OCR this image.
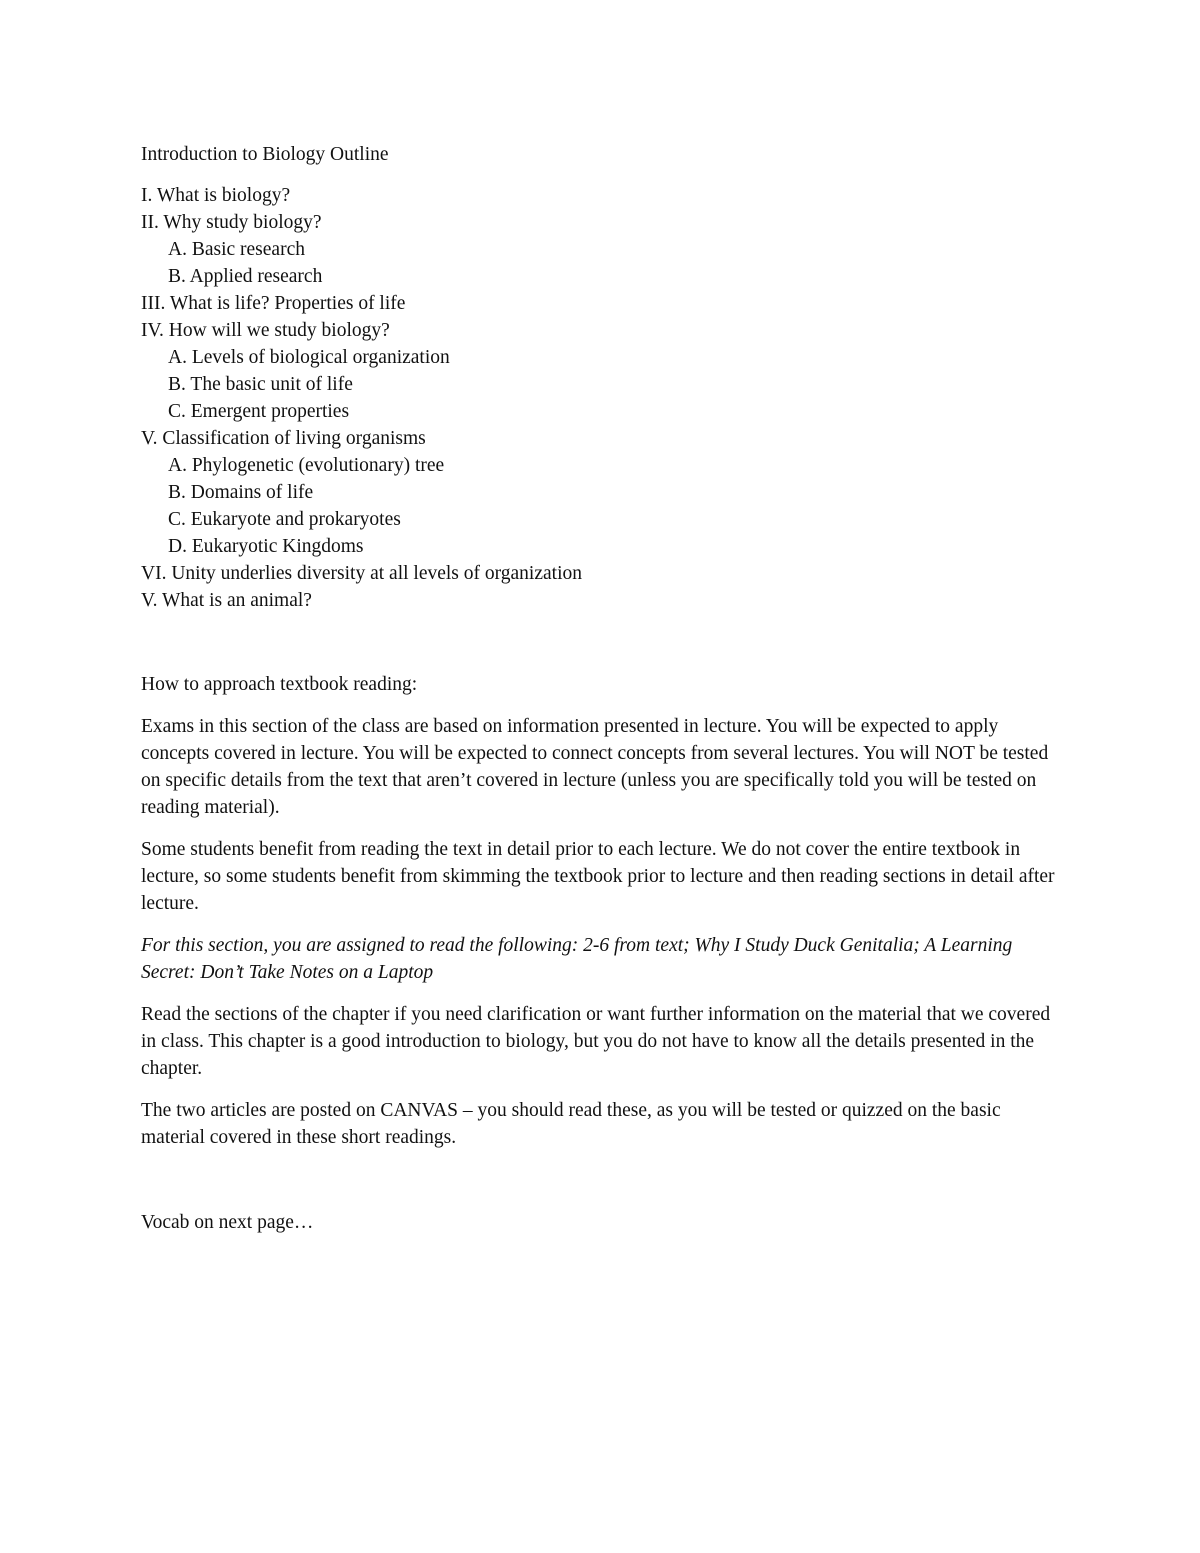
Introduction to Biology Outline
I. What is biology?
II. Why study biology?
A. Basic research
B. Applied research
III. What is life? Properties of life
IV. How will we study biology?
A. Levels of biological organization
B. The basic unit of life
C. Emergent properties
V. Classification of living organisms
A. Phylogenetic (evolutionary) tree
B. Domains of life
C. Eukaryote and prokaryotes
D. Eukaryotic Kingdoms
VI. Unity underlies diversity at all levels of organization
V. What is an animal?
How to approach textbook reading:

Exams in this section of the class are based on information presented in lecture. You will be expected to apply concepts covered in lecture. You will be expected to connect concepts from several lectures. You will NOT be tested on specific details from the text that aren’t covered in lecture (unless you are specifically told you will be tested on reading material).

Some students benefit from reading the text in detail prior to each lecture. We do not cover the entire textbook in lecture, so some students benefit from skimming the textbook prior to lecture and then reading sections in detail after lecture.

For this section, you are assigned to read the following: 2-6 from text; Why I Study Duck Genitalia; A Learning Secret: Don’t Take Notes on a Laptop

Read the sections of the chapter if you need clarification or want further information on the material that we covered in class. This chapter is a good introduction to biology, but you do not have to know all the details presented in the chapter.

The two articles are posted on CANVAS – you should read these, as you will be tested or quizzed on the basic material covered in these short readings.

Vocab on next page…
